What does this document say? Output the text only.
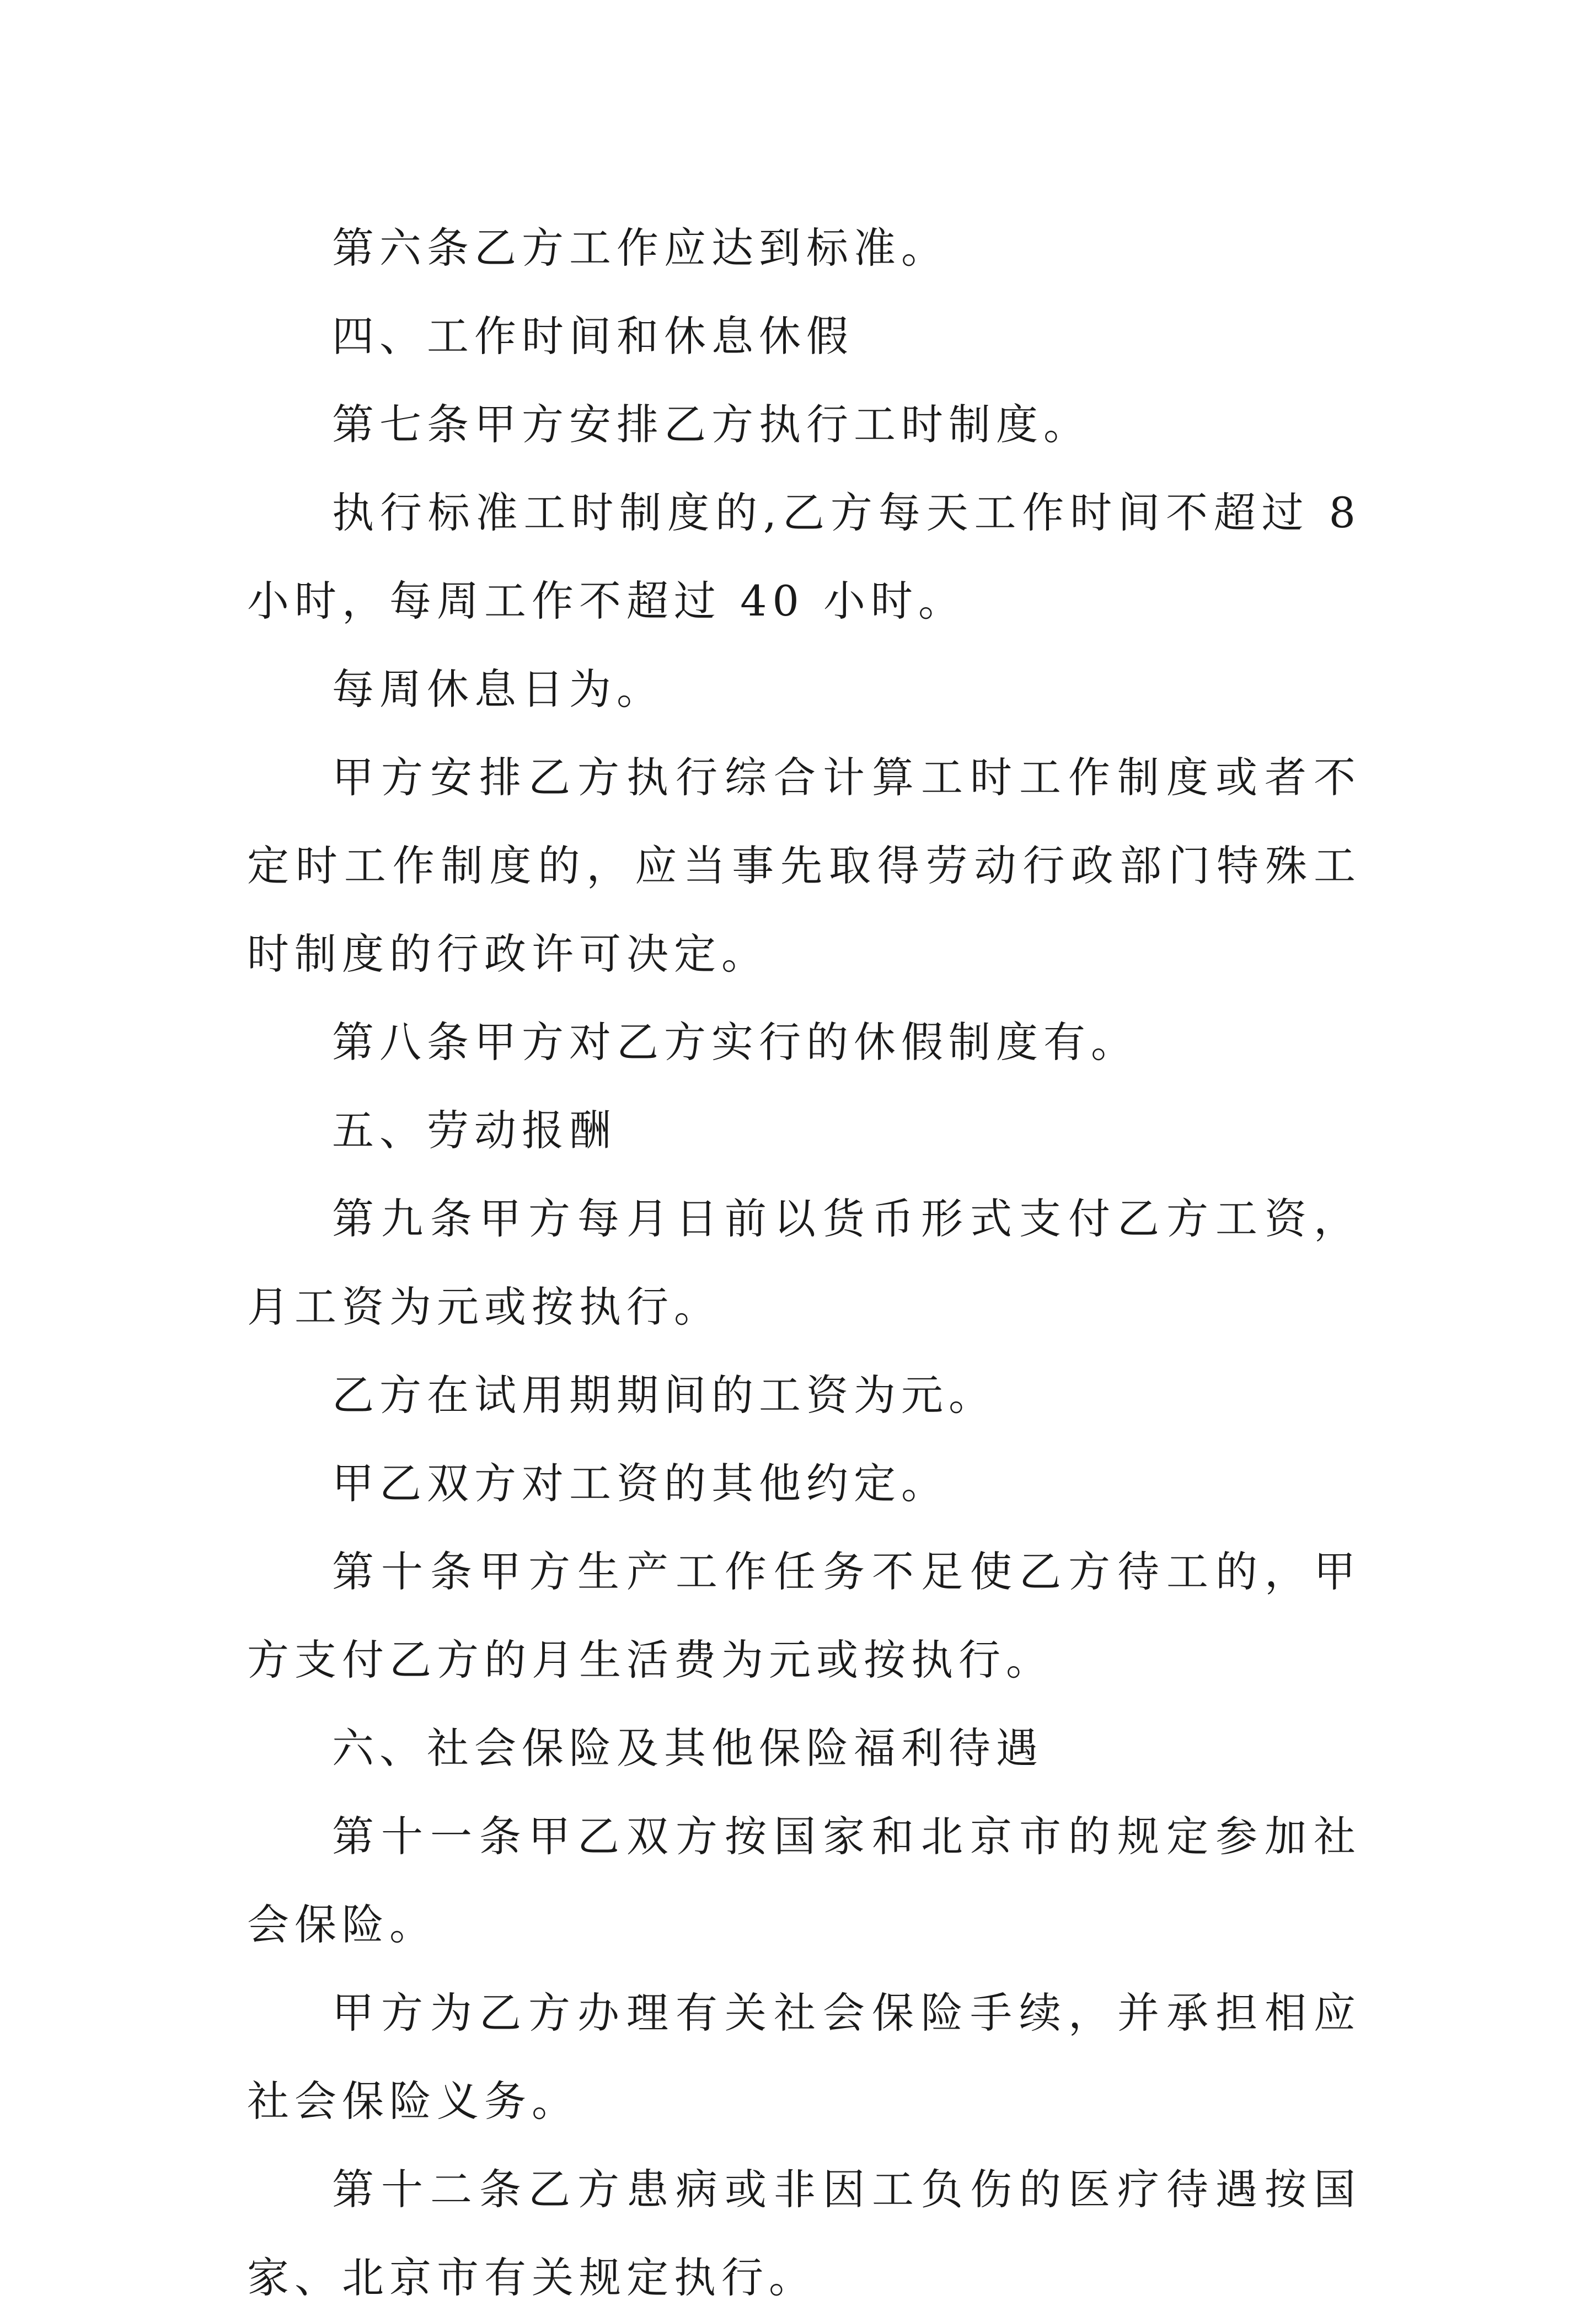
第六条乙方工作应达到标准。

四、工作时间和休息休假

第七条甲方安排乙方执行工时制度。

执行标准工时制度的,乙方每天工作时间不超过 8 小时，每周工作不超过 40 小时。

每周休息日为。

甲方安排乙方执行综合计算工时工作制度或者不定时工作制度的，应当事先取得劳动行政部门特殊工时制度的行政许可决定。

第八条甲方对乙方实行的休假制度有。

五、劳动报酬

第九条甲方每月日前以货币形式支付乙方工资，月工资为元或按执行。

乙方在试用期期间的工资为元。

甲乙双方对工资的其他约定。

第十条甲方生产工作任务不足使乙方待工的，甲方支付乙方的月生活费为元或按执行。

六、社会保险及其他保险福利待遇

第十一条甲乙双方按国家和北京市的规定参加社会保险。

甲方为乙方办理有关社会保险手续，并承担相应社会保险义务。

第十二条乙方患病或非因工负伤的医疗待遇按国家、北京市有关规定执行。
